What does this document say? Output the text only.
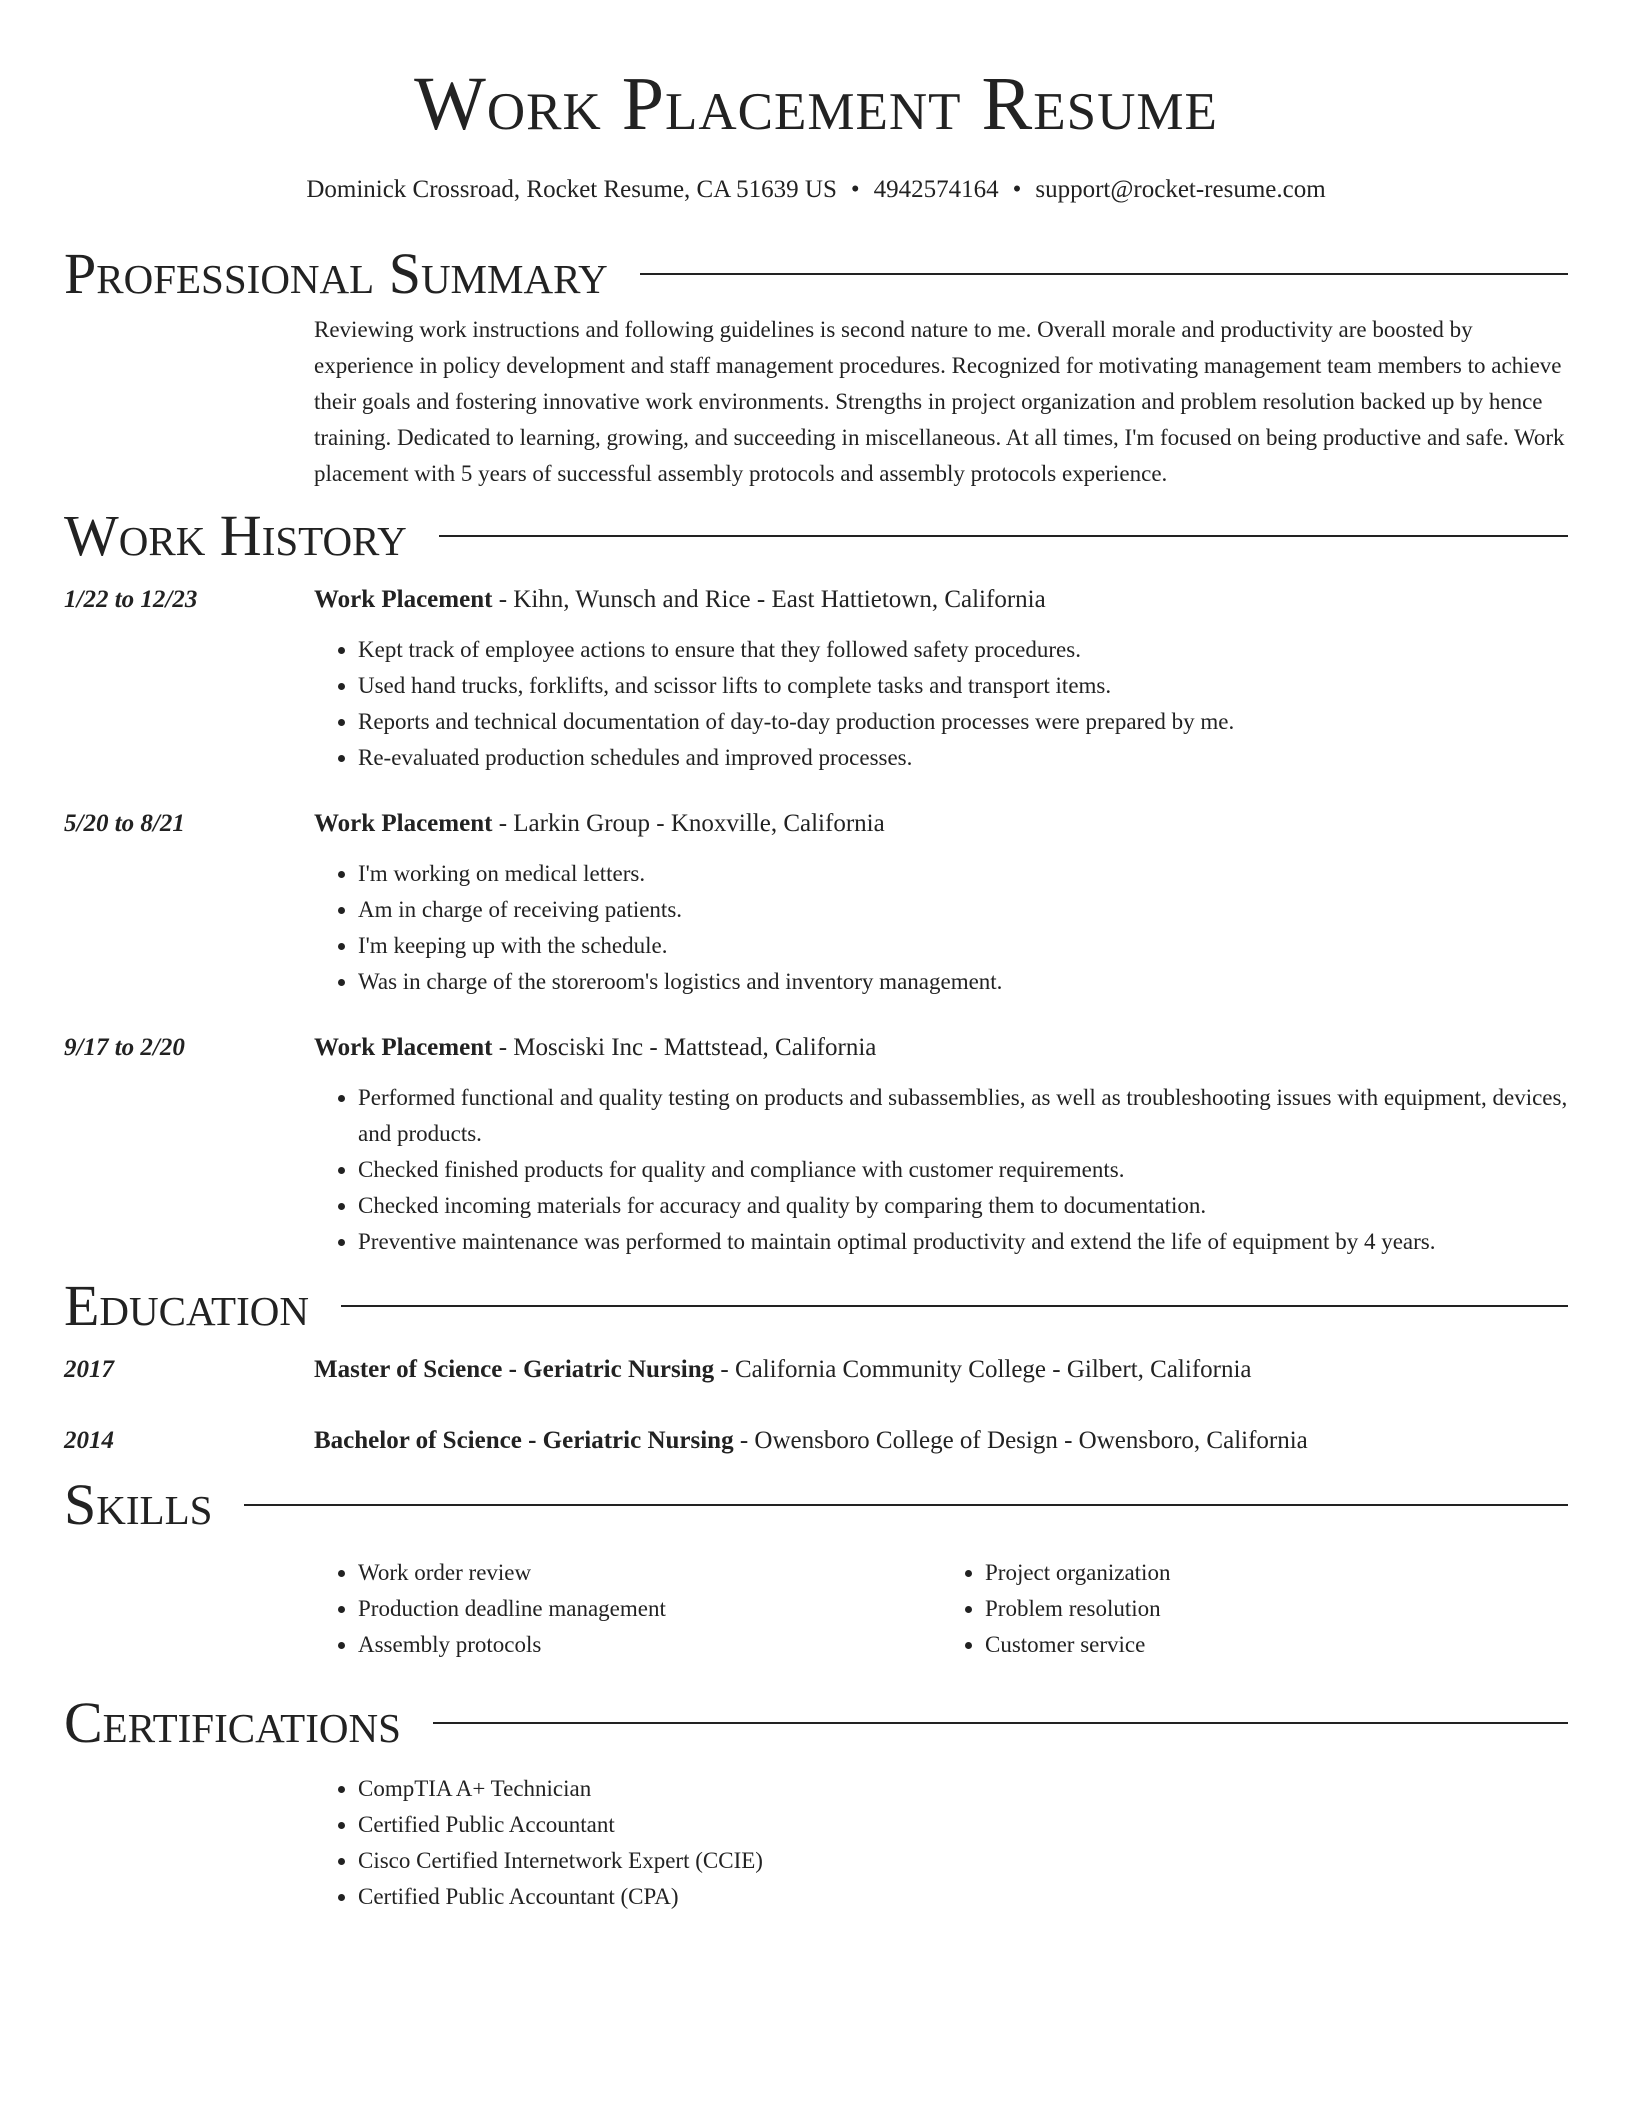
Work Placement Resume
Dominick Crossroad, Rocket Resume, CA 51639 US • 4942574164 • support@rocket-resume.com
Professional Summary

Reviewing work instructions and following guidelines is second nature to me. Overall morale and productivity are boosted by experience in policy development and staff management procedures. Recognized for motivating management team members to achieve their goals and fostering innovative work environments. Strengths in project organization and problem resolution backed up by hence training. Dedicated to learning, growing, and succeeding in miscellaneous. At all times, I'm focused on being productive and safe. Work placement with 5 years of successful assembly protocols and assembly protocols experience.

Work History
1/22 to 12/23	Work Placement - Kihn, Wunsch and Rice - East Hattietown, California
• Kept track of employee actions to ensure that they followed safety procedures.
• Used hand trucks, forklifts, and scissor lifts to complete tasks and transport items.
• Reports and technical documentation of day-to-day production processes were prepared by me.
• Re-evaluated production schedules and improved processes.
5/20 to 8/21	Work Placement - Larkin Group - Knoxville, California
• I'm working on medical letters.
• Am in charge of receiving patients.
• I'm keeping up with the schedule.
• Was in charge of the storeroom's logistics and inventory management.
9/17 to 2/20	Work Placement - Mosciski Inc - Mattstead, California
• Performed functional and quality testing on products and subassemblies, as well as troubleshooting issues with equipment, devices, and products.
• Checked finished products for quality and compliance with customer requirements.
• Checked incoming materials for accuracy and quality by comparing them to documentation.
• Preventive maintenance was performed to maintain optimal productivity and extend the life of equipment by 4 years.
Education
2017	Master of Science - Geriatric Nursing - California Community College - Gilbert, California
2014	Bachelor of Science - Geriatric Nursing - Owensboro College of Design - Owensboro, California
Skills
• Work order review
• Production deadline management
• Assembly protocols
• Project organization
• Problem resolution
• Customer service
Certifications
• CompTIA A+ Technician
• Certified Public Accountant
• Cisco Certified Internetwork Expert (CCIE)
• Certified Public Accountant (CPA)
